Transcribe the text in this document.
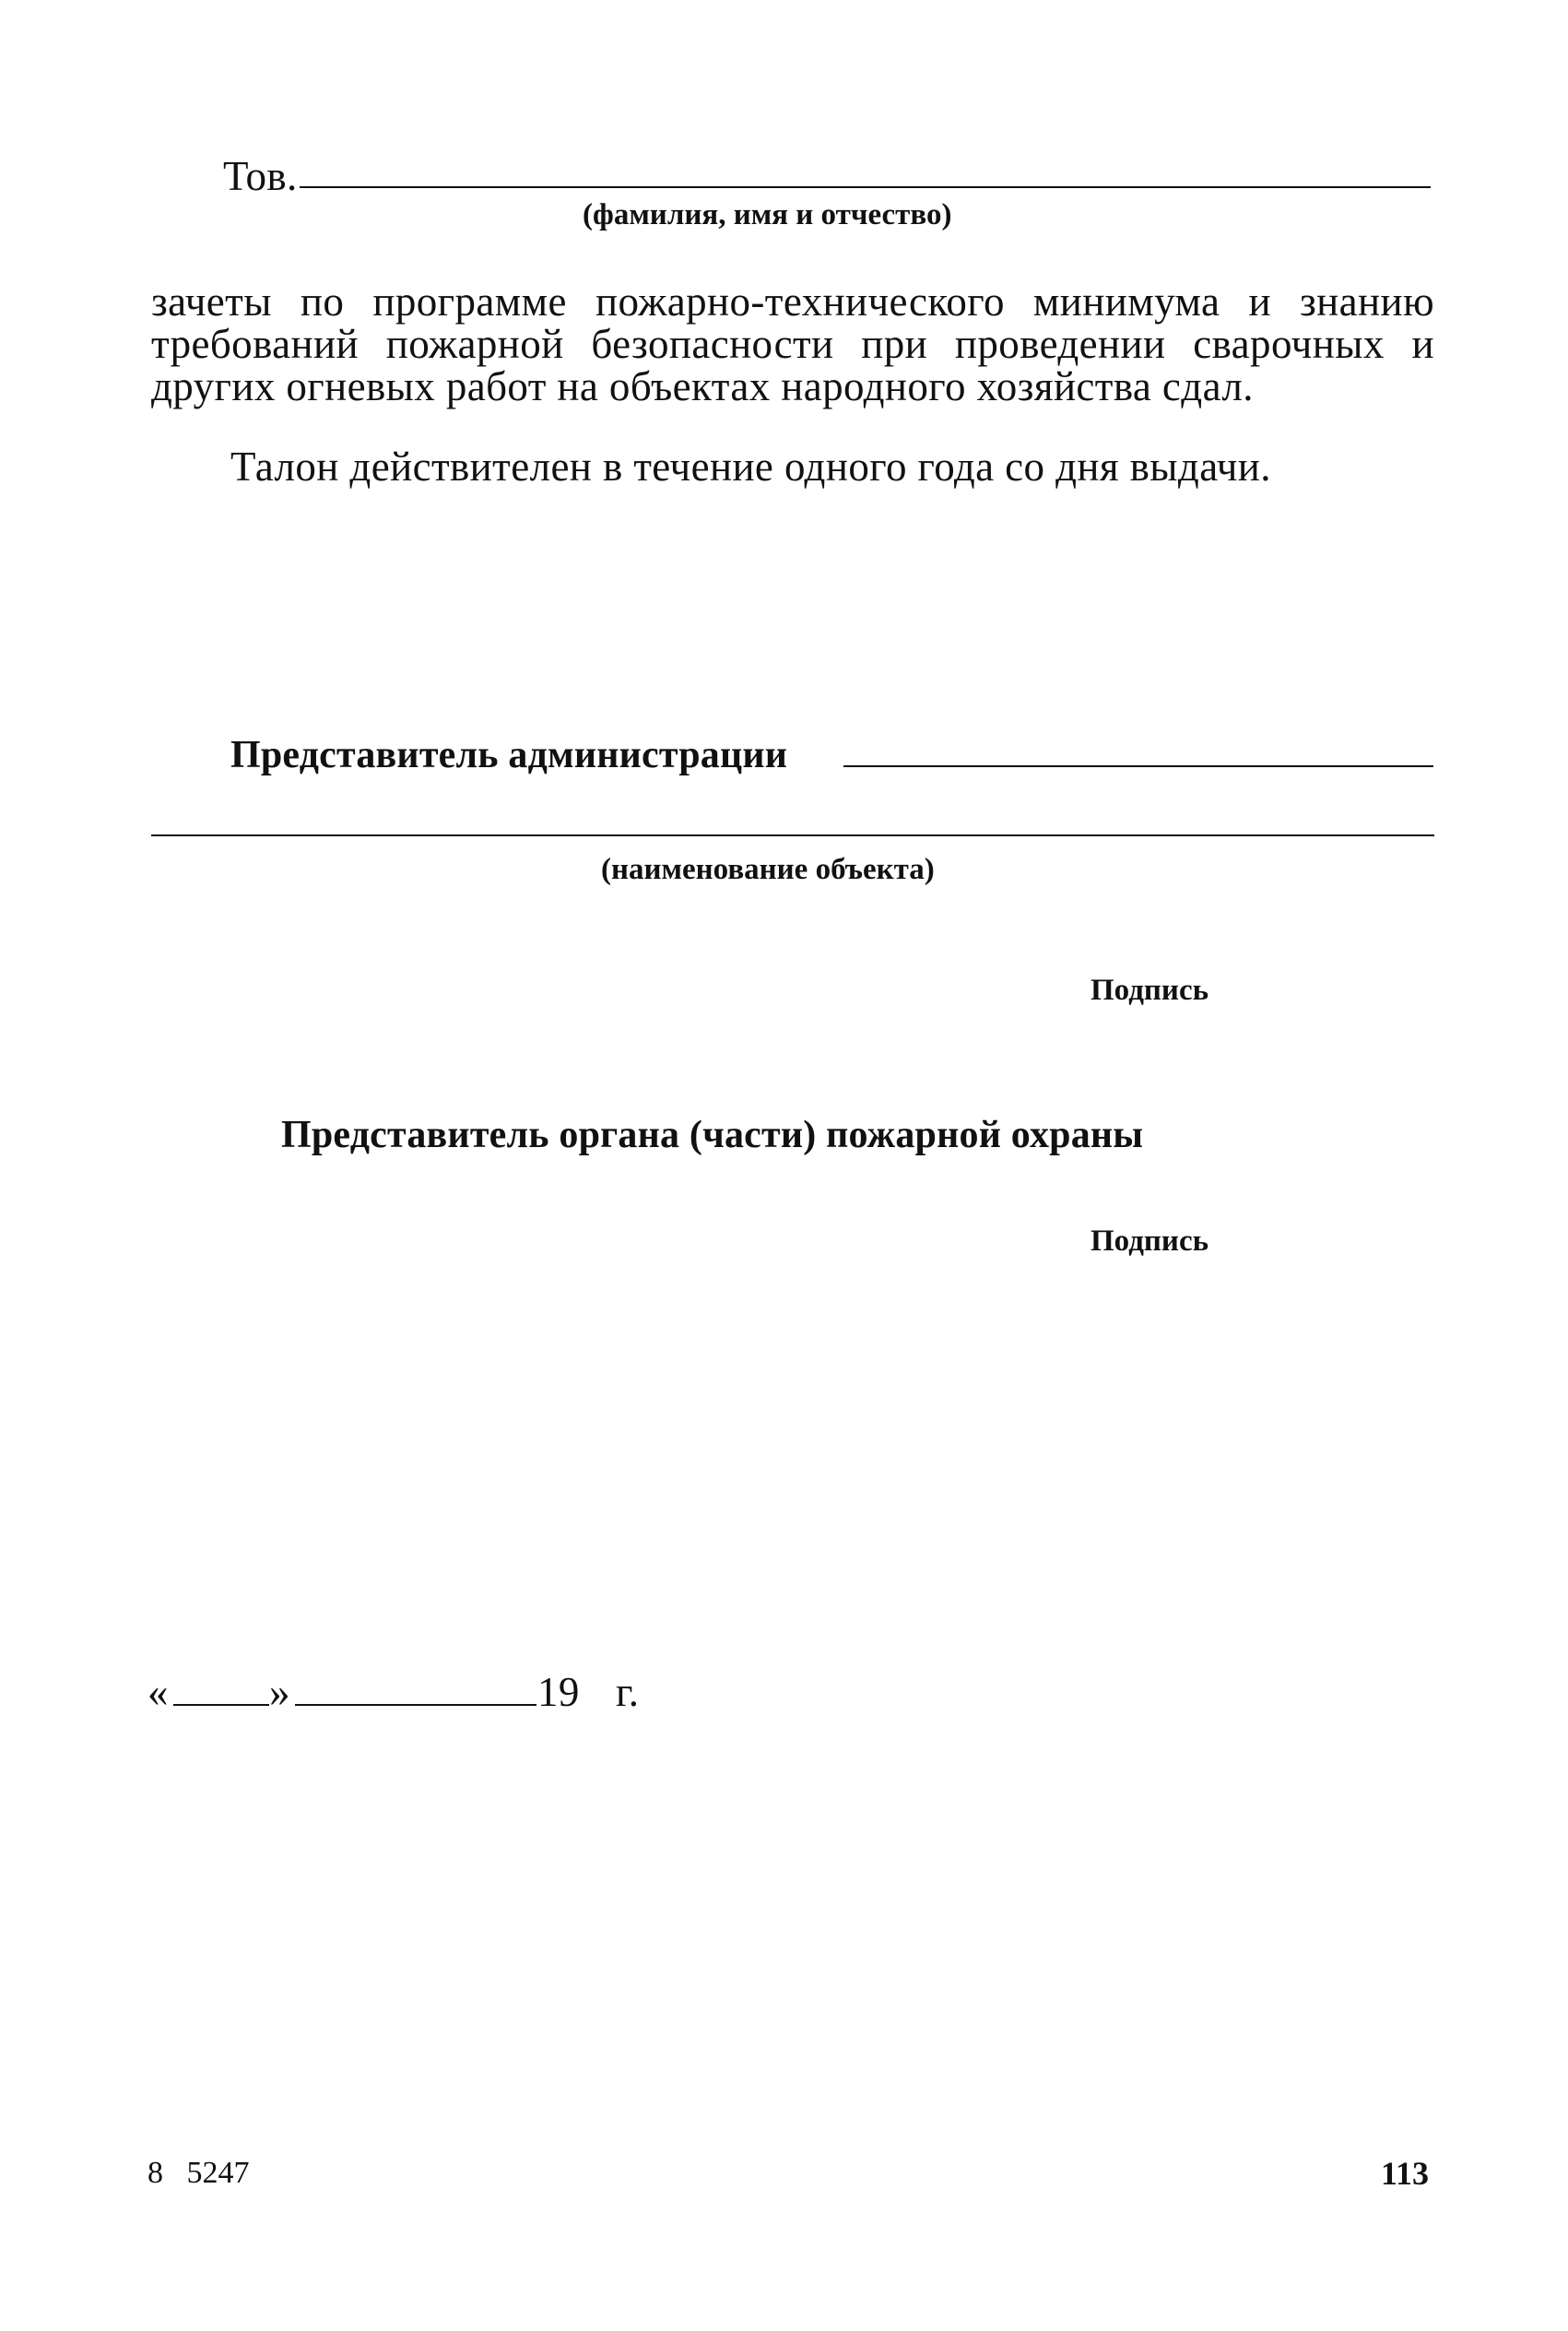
Тов.
(фамилия, имя и отчество)
зачеты по программе пожарно-технического минимума и знанию
требований пожарной безопасности при проведении сварочных и
других огневых работ на объектах народного хозяйства сдал.
Талон действителен в течение одного года со дня выдачи.
Представитель администрации
(наименование объекта)
Подпись
Представитель органа (части) пожарной охраны
Подпись
« »	19 г.
8   5247	113
